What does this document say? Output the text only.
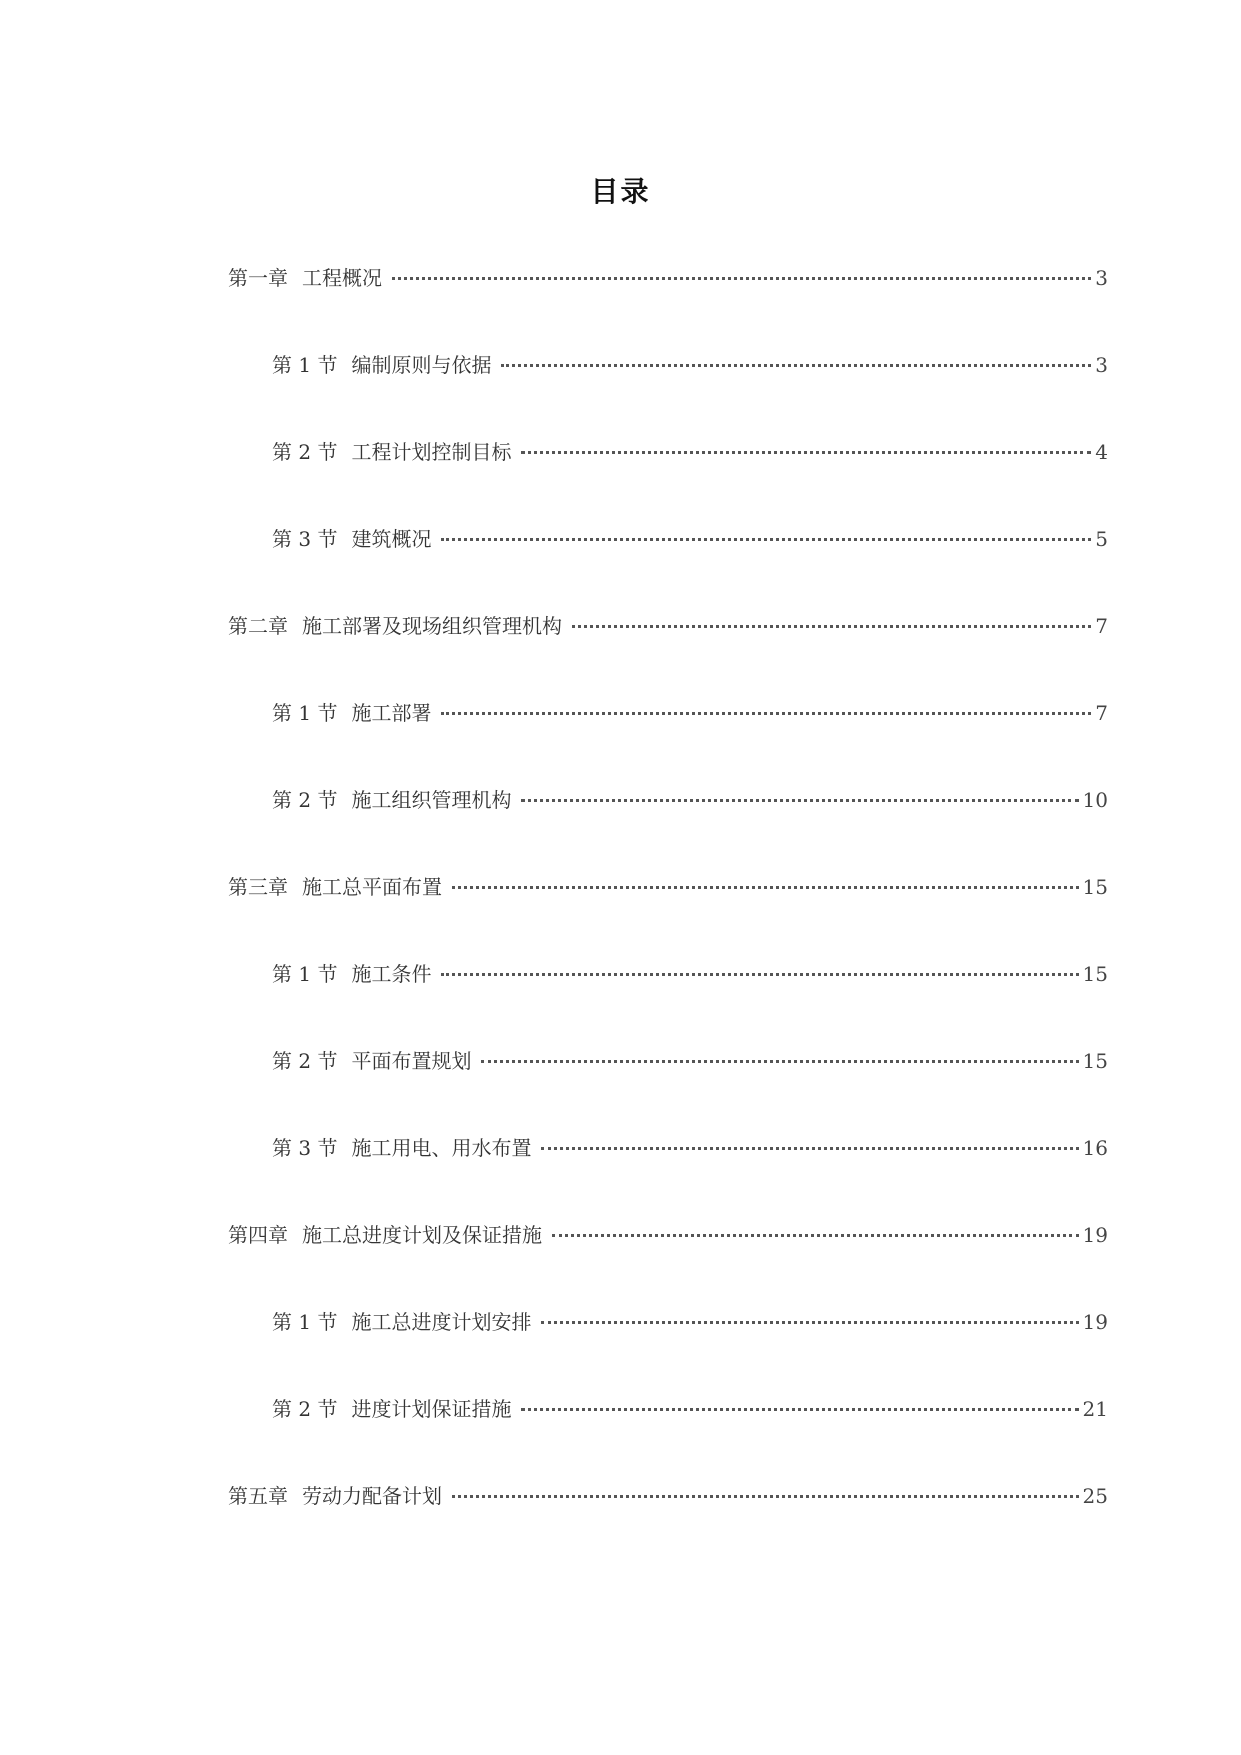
目录
第一章 工程概况	3
第 1 节 编制原则与依据	3
第 2 节 工程计划控制目标	4
第 3 节 建筑概况	5
第二章 施工部署及现场组织管理机构	7
第 1 节 施工部署	7
第 2 节 施工组织管理机构	10
第三章 施工总平面布置	15
第 1 节 施工条件	15
第 2 节 平面布置规划	15
第 3 节 施工用电、用水布置	16
第四章 施工总进度计划及保证措施	19
第 1 节 施工总进度计划安排	19
第 2 节 进度计划保证措施	21
第五章 劳动力配备计划	25
